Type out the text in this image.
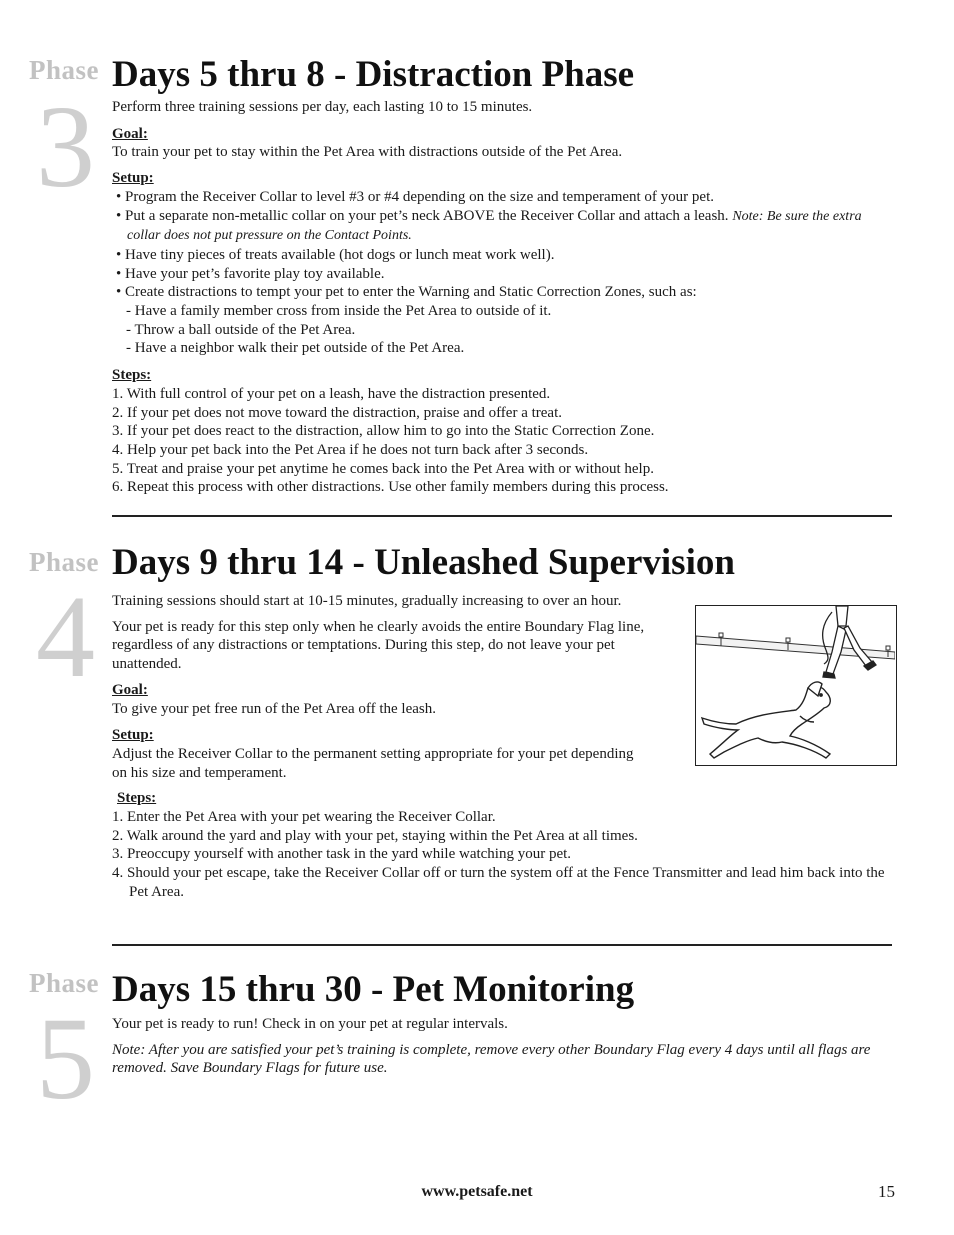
Phase
3
Days 5 thru 8 - Distraction Phase

Perform three training sessions per day, each lasting 10 to 15 minutes.

Goal:

To train your pet to stay within the Pet Area with distractions outside of the Pet Area.

Setup:

• Program the Receiver Collar to level #3 or #4 depending on the size and temperament of your pet.
• Put a separate non-metallic collar on your pet’s neck ABOVE the Receiver Collar and attach a leash. Note: Be sure the extra collar does not put pressure on the Contact Points.
• Have tiny pieces of treats available (hot dogs or lunch meat work well).
• Have your pet’s favorite play toy available.
• Create distractions to tempt your pet to enter the Warning and Static Correction Zones, such as:

- Have a family member cross from inside the Pet Area to outside of it.

- Throw a ball outside of the Pet Area.

- Have a neighbor walk their pet outside of the Pet Area.

Steps:

1. With full control of your pet on a leash, have the distraction presented.
2. If your pet does not move toward the distraction, praise and offer a treat.
3. If your pet does react to the distraction, allow him to go into the Static Correction Zone.
4. Help your pet back into the Pet Area if he does not turn back after 3 seconds.
5. Treat and praise your pet anytime he comes back into the Pet Area with or without help.
6. Repeat this process with other distractions. Use other family members during this process.
Phase
4
Days 9 thru 14 - Unleashed Supervision

Training sessions should start at 10-15 minutes, gradually increasing to over an hour.

Your pet is ready for this step only when he clearly avoids the entire Boundary Flag line, regardless of any distractions or temptations. During this step, do not leave your pet unattended.

Goal:

To give your pet free run of the Pet Area off the leash.

Setup:

Adjust the Receiver Collar to the permanent setting appropriate for your pet depending on his size and temperament.

Steps:

1. Enter the Pet Area with your pet wearing the Receiver Collar.
2. Walk around the yard and play with your pet, staying within the Pet Area at all times.
3. Preoccupy yourself with another task in the yard while watching your pet.
4. Should your pet escape, take the Receiver Collar off or turn the system off at the Fence Transmitter and lead him back into the Pet Area.
Phase
5
Days 15 thru 30 - Pet Monitoring

Your pet is ready to run! Check in on your pet at regular intervals.

Note: After you are satisfied your pet’s training is complete, remove every other Boundary Flag every 4 days until all flags are removed. Save Boundary Flags for future use.

www.petsafe.net	15
